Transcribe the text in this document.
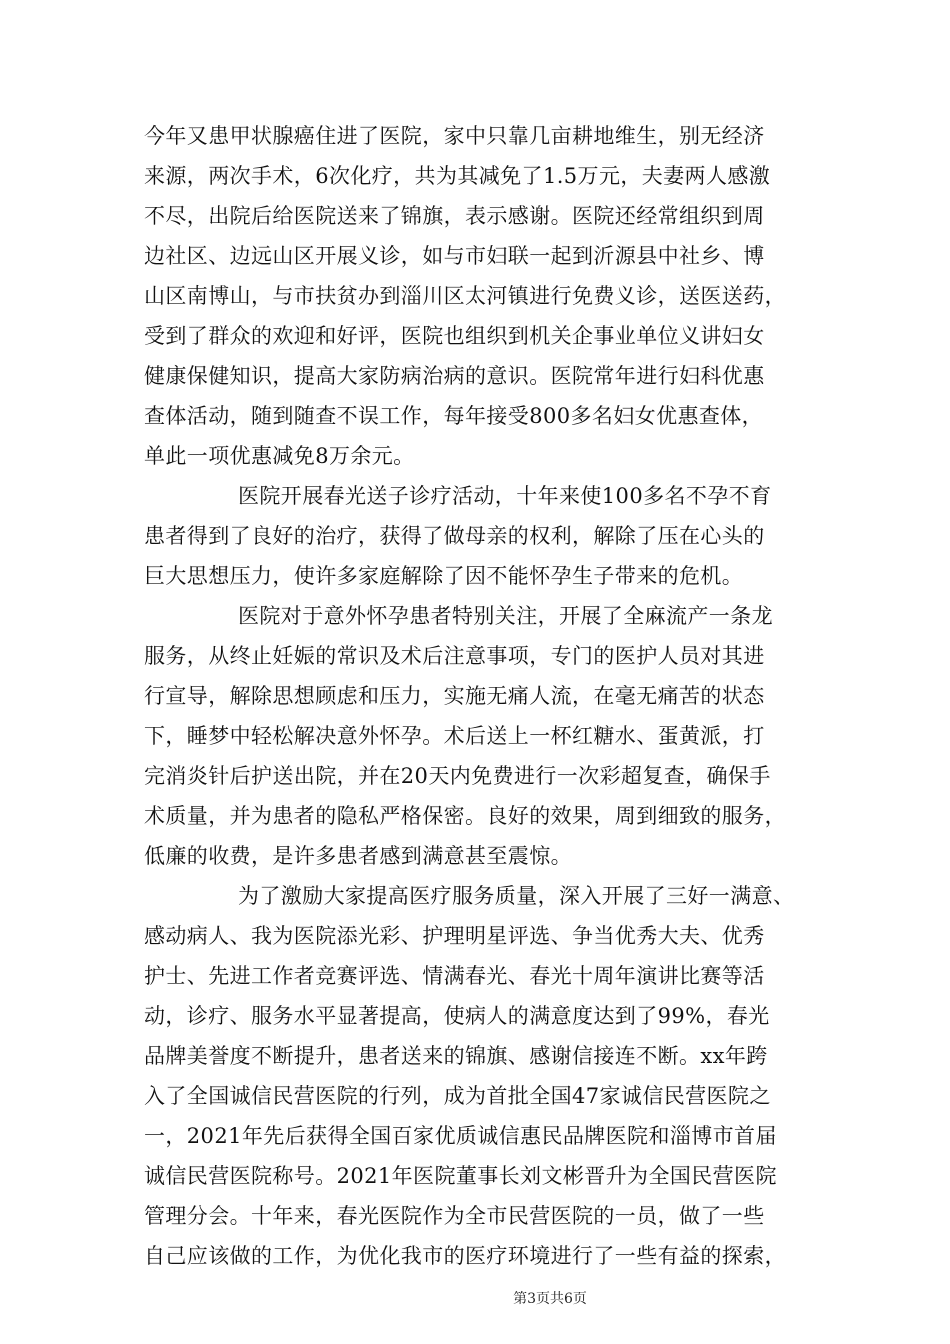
今年又患甲状腺癌住进了医院，家中只靠几亩耕地维生，别无经济
来源，两次手术，6次化疗，共为其减免了1.5万元，夫妻两人感激
不尽，出院后给医院送来了锦旗，表示感谢。医院还经常组织到周
边社区、边远山区开展义诊，如与市妇联一起到沂源县中社乡、博
山区南博山，与市扶贫办到淄川区太河镇进行免费义诊，送医送药，
受到了群众的欢迎和好评，医院也组织到机关企事业单位义讲妇女
健康保健知识，提高大家防病治病的意识。医院常年进行妇科优惠
查体活动，随到随查不误工作，每年接受800多名妇女优惠查体，
单此一项优惠减免8万余元。
医院开展春光送子诊疗活动，十年来使100多名不孕不育
患者得到了良好的治疗，获得了做母亲的权利，解除了压在心头的
巨大思想压力，使许多家庭解除了因不能怀孕生子带来的危机。
医院对于意外怀孕患者特别关注，开展了全麻流产一条龙
服务，从终止妊娠的常识及术后注意事项，专门的医护人员对其进
行宣导，解除思想顾虑和压力，实施无痛人流，在毫无痛苦的状态
下，睡梦中轻松解决意外怀孕。术后送上一杯红糖水、蛋黄派，打
完消炎针后护送出院，并在20天内免费进行一次彩超复查，确保手
术质量，并为患者的隐私严格保密。良好的效果，周到细致的服务，
低廉的收费，是许多患者感到满意甚至震惊。
为了激励大家提高医疗服务质量，深入开展了三好一满意、
感动病人、我为医院添光彩、护理明星评选、争当优秀大夫、优秀
护士、先进工作者竞赛评选、情满春光、春光十周年演讲比赛等活
动，诊疗、服务水平显著提高，使病人的满意度达到了99%，春光
品牌美誉度不断提升，患者送来的锦旗、感谢信接连不断。xx年跨
入了全国诚信民营医院的行列，成为首批全国47家诚信民营医院之
一，2021年先后获得全国百家优质诚信惠民品牌医院和淄博市首届
诚信民营医院称号。2021年医院董事长刘文彬晋升为全国民营医院
管理分会。十年来，春光医院作为全市民营医院的一员，做了一些
自己应该做的工作，为优化我市的医疗环境进行了一些有益的探索，
第3页共6页
